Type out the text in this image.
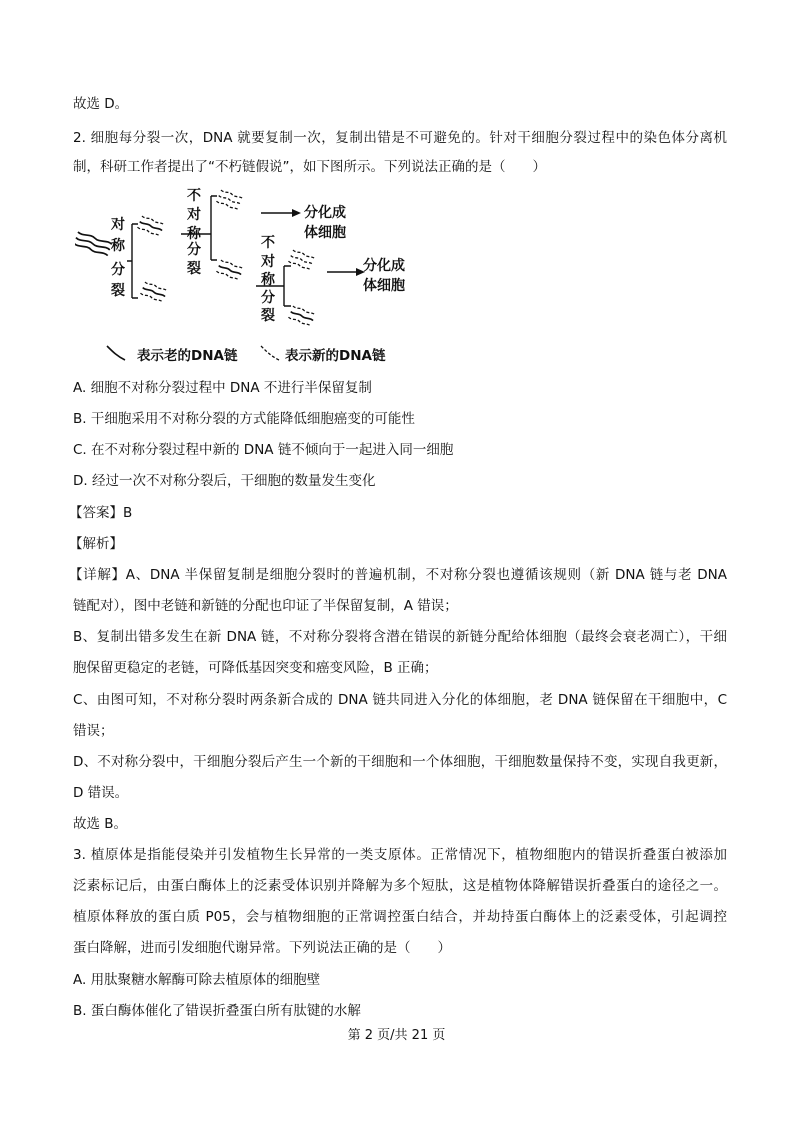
故选 D。
2. 细胞每分裂一次，DNA 就要复制一次，复制出错是不可避免的。针对干细胞分裂过程中的染色体分离机
制，科研工作者提出了“不朽链假说”，如下图所示。下列说法正确的是（　　）
对
称
分
裂
不
对
称
分
裂
分化成
体细胞
不
对
称
分
裂
分化成
体细胞
表示老的DNA链	表示新的DNA链
A. 细胞不对称分裂过程中 DNA 不进行半保留复制
B. 干细胞采用不对称分裂的方式能降低细胞癌变的可能性
C. 在不对称分裂过程中新的 DNA 链不倾向于一起进入同一细胞
D. 经过一次不对称分裂后，干细胞的数量发生变化
【答案】B
【解析】
【详解】A、DNA 半保留复制是细胞分裂时的普遍机制，不对称分裂也遵循该规则（新 DNA 链与老 DNA
链配对），图中老链和新链的分配也印证了半保留复制，A 错误；
B、复制出错多发生在新 DNA 链，不对称分裂将含潜在错误的新链分配给体细胞（最终会衰老凋亡），干细
胞保留更稳定的老链，可降低基因突变和癌变风险，B 正确；
C、由图可知，不对称分裂时两条新合成的 DNA 链共同进入分化的体细胞，老 DNA 链保留在干细胞中，C
错误；
D、不对称分裂中，干细胞分裂后产生一个新的干细胞和一个体细胞，干细胞数量保持不变，实现自我更新，
D 错误。
故选 B。
3. 植原体是指能侵染并引发植物生长异常的一类支原体。正常情况下，植物细胞内的错误折叠蛋白被添加
泛素标记后，由蛋白酶体上的泛素受体识别并降解为多个短肽，这是植物体降解错误折叠蛋白的途径之一。
植原体释放的蛋白质 P05，会与植物细胞的正常调控蛋白结合，并劫持蛋白酶体上的泛素受体，引起调控
蛋白降解，进而引发细胞代谢异常。下列说法正确的是（　　）
A. 用肽聚糖水解酶可除去植原体的细胞壁
B. 蛋白酶体催化了错误折叠蛋白所有肽键的水解
第 2 页/共 21 页
